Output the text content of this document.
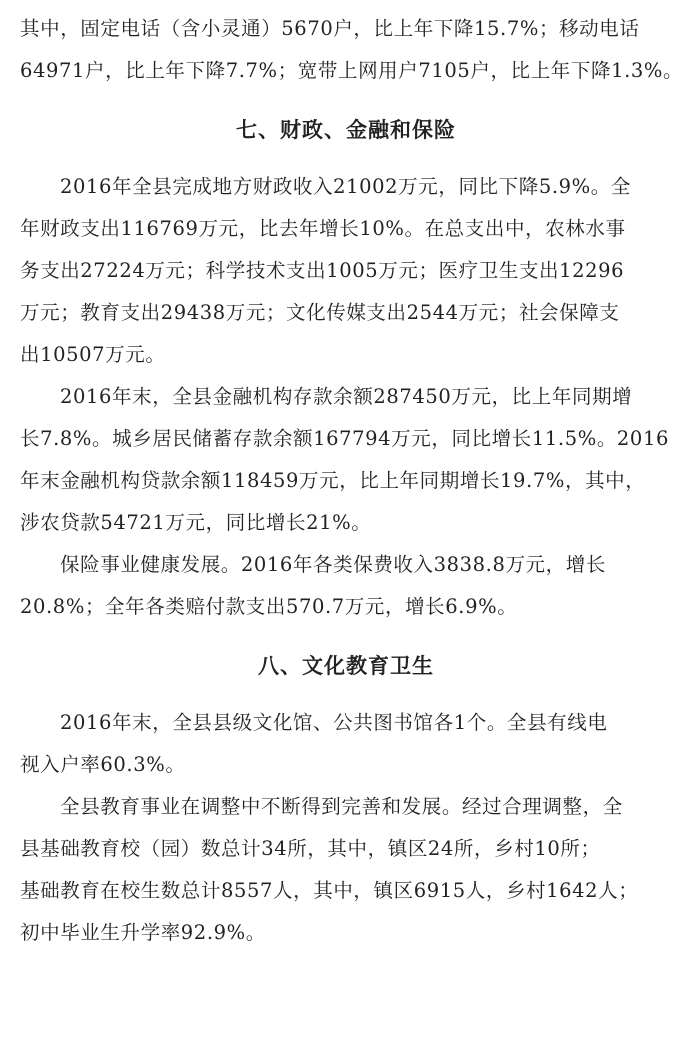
其中，固定电话（含小灵通）5670户，比上年下降15.7%；移动电话
64971户，比上年下降7.7%；宽带上网用户7105户，比上年下降1.3%。
七、财政、金融和保险
2016年全县完成地方财政收入21002万元，同比下降5.9%。全
年财政支出116769万元，比去年增长10%。在总支出中，农林水事
务支出27224万元；科学技术支出1005万元；医疗卫生支出12296
万元；教育支出29438万元；文化传媒支出2544万元；社会保障支
出10507万元。
2016年末，全县金融机构存款余额287450万元，比上年同期增
长7.8%。城乡居民储蓄存款余额167794万元，同比增长11.5%。2016
年末金融机构贷款余额118459万元，比上年同期增长19.7%，其中，
涉农贷款54721万元，同比增长21%。
保险事业健康发展。2016年各类保费收入3838.8万元，增长
20.8%；全年各类赔付款支出570.7万元，增长6.9%。
八、文化教育卫生
2016年末，全县县级文化馆、公共图书馆各1个。全县有线电
视入户率60.3%。
全县教育事业在调整中不断得到完善和发展。经过合理调整，全
县基础教育校（园）数总计34所，其中，镇区24所，乡村10所；
基础教育在校生数总计8557人，其中，镇区6915人，乡村1642人；
初中毕业生升学率92.9%。
